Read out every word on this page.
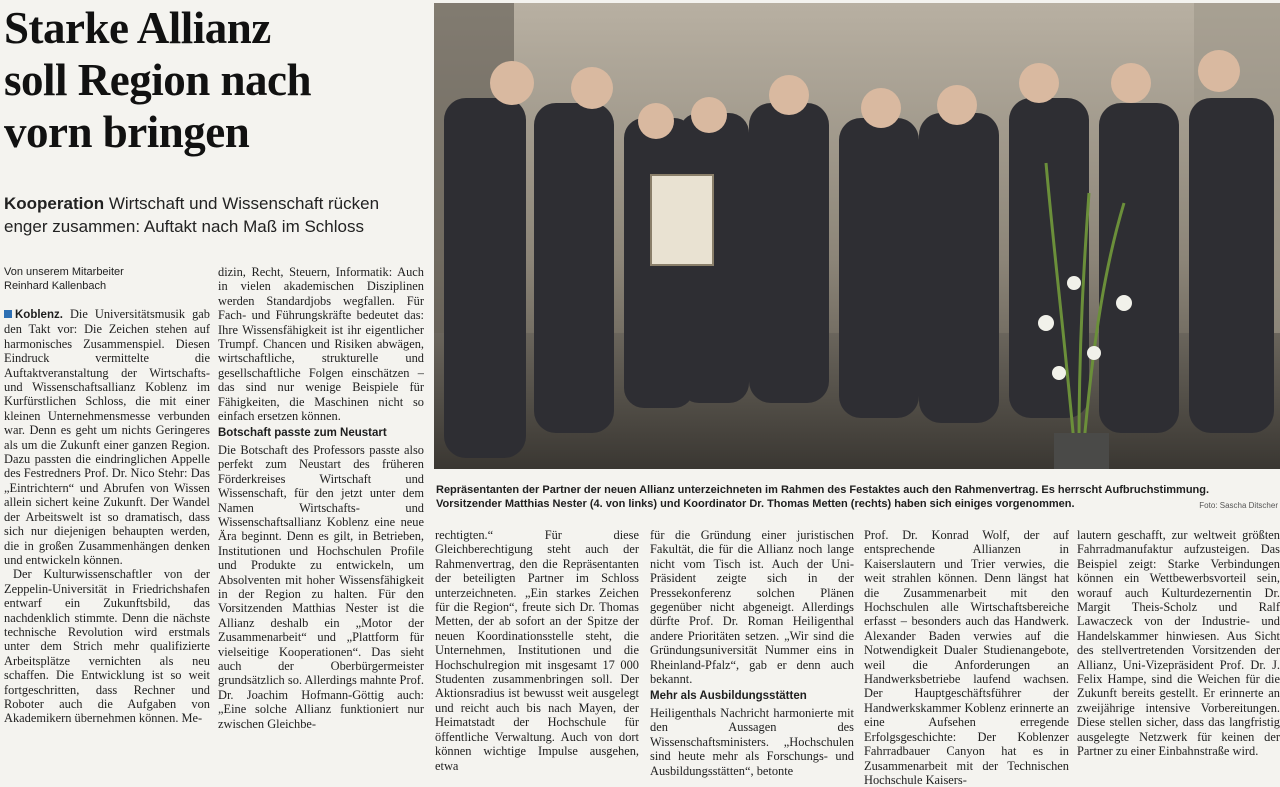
Starke Allianz
soll Region nach
vorn bringen
Kooperation Wirtschaft und Wissenschaft rücken enger zusammen: Auftakt nach Maß im Schloss
Von unserem Mitarbeiter
Reinhard Kallenbach

Koblenz. Die Universitätsmusik gab den Takt vor: Die Zeichen stehen auf harmonisches Zusammenspiel. Diesen Eindruck vermittelte die Auftaktveranstaltung der Wirtschafts- und Wissenschaftsallianz Koblenz im Kurfürstlichen Schloss, die mit einer kleinen Unternehmensmesse verbunden war. Denn es geht um nichts Geringeres als um die Zukunft einer ganzen Region. Dazu passten die eindringlichen Appelle des Festredners Prof. Dr. Nico Stehr: Das „Eintrichtern“ und Abrufen von Wissen allein sichert keine Zukunft. Der Wandel der Arbeitswelt ist so dramatisch, dass sich nur diejenigen behaupten werden, die in großen Zusammenhängen denken und entwickeln können.

Der Kulturwissenschaftler von der Zeppelin-Universität in Friedrichshafen entwarf ein Zukunftsbild, das nachdenklich stimmte. Denn die nächste technische Revolution wird erstmals unter dem Strich mehr qualifizierte Arbeitsplätze vernichten als neu schaffen. Die Entwicklung ist so weit fortgeschritten, dass Rechner und Roboter auch die Aufgaben von Akademikern übernehmen können. Me-

dizin, Recht, Steuern, Informatik: Auch in vielen akademischen Disziplinen werden Standardjobs wegfallen. Für Fach- und Führungskräfte bedeutet das: Ihre Wissensfähigkeit ist ihr eigentlicher Trumpf. Chancen und Risiken abwägen, wirtschaftliche, strukturelle und gesellschaftliche Folgen einschätzen – das sind nur wenige Beispiele für Fähigkeiten, die Maschinen nicht so einfach ersetzen können.

Botschaft passte zum Neustart

Die Botschaft des Professors passte also perfekt zum Neustart des früheren Förderkreises Wirtschaft und Wissenschaft, für den jetzt unter dem Namen Wirtschafts- und Wissenschaftsallianz Koblenz eine neue Ära beginnt. Denn es gilt, in Betrieben, Institutionen und Hochschulen Profile und Produkte zu entwickeln, um Absolventen mit hoher Wissensfähigkeit in der Region zu halten. Für den Vorsitzenden Matthias Nester ist die Allianz deshalb ein „Motor der Zusammenarbeit“ und „Plattform für vielseitige Kooperationen“. Das sieht auch der Oberbürgermeister grundsätzlich so. Allerdings mahnte Prof. Dr. Joachim Hofmann-Göttig auch: „Eine solche Allianz funktioniert nur zwischen Gleichbe-

Repräsentanten der Partner der neuen Allianz unterzeichneten im Rahmen des Festaktes auch den Rahmenvertrag. Es herrscht Aufbruchstimmung. Vorsitzender Matthias Nester (4. von links) und Koordinator Dr. Thomas Metten (rechts) haben sich einiges vorgenommen.	Foto: Sascha Ditscher

rechtigten.“ Für diese Gleichberechtigung steht auch der Rahmenvertrag, den die Repräsentanten der beteiligten Partner im Schloss unterzeichneten. „Ein starkes Zeichen für die Region“, freute sich Dr. Thomas Metten, der ab sofort an der Spitze der neuen Koordinationsstelle steht, die Unternehmen, Institutionen und die Hochschulregion mit insgesamt 17 000 Studenten zusammenbringen soll. Der Aktionsradius ist bewusst weit ausgelegt und reicht auch bis nach Mayen, der Heimatstadt der Hochschule für öffentliche Verwaltung. Auch von dort können wichtige Impulse ausgehen, etwa

für die Gründung einer juristischen Fakultät, die für die Allianz noch lange nicht vom Tisch ist. Auch der Uni-Präsident zeigte sich in der Pressekonferenz solchen Plänen gegenüber nicht abgeneigt. Allerdings dürfte Prof. Dr. Roman Heiligenthal andere Prioritäten setzen. „Wir sind die Gründungsuniversität Nummer eins in Rheinland-Pfalz“, gab er denn auch bekannt.

Mehr als Ausbildungsstätten

Heiligenthals Nachricht harmonierte mit den Aussagen des Wissenschaftsministers. „Hochschulen sind heute mehr als Forschungs- und Ausbildungsstätten“, betonte

Prof. Dr. Konrad Wolf, der auf entsprechende Allianzen in Kaiserslautern und Trier verwies, die weit strahlen können. Denn längst hat die Zusammenarbeit mit den Hochschulen alle Wirtschaftsbereiche erfasst – besonders auch das Handwerk. Alexander Baden verwies auf die Notwendigkeit Dualer Studienangebote, weil die Anforderungen an Handwerksbetriebe laufend wachsen. Der Hauptgeschäftsführer der Handwerkskammer Koblenz erinnerte an eine Aufsehen erregende Erfolgsgeschichte: Der Koblenzer Fahrradbauer Canyon hat es in Zusammenarbeit mit der Technischen Hochschule Kaisers-

lautern geschafft, zur weltweit größten Fahrradmanufaktur aufzusteigen. Das Beispiel zeigt: Starke Verbindungen können ein Wettbewerbsvorteil sein, worauf auch Kulturdezernentin Dr. Margit Theis-Scholz und Ralf Lawaczeck von der Industrie- und Handelskammer hinwiesen. Aus Sicht des stellvertretenden Vorsitzenden der Allianz, Uni-Vizepräsident Prof. Dr. J. Felix Hampe, sind die Weichen für die Zukunft bereits gestellt. Er erinnerte an zweijährige intensive Vorbereitungen. Diese stellen sicher, dass das langfristig ausgelegte Netzwerk für keinen der Partner zu einer Einbahnstraße wird.
